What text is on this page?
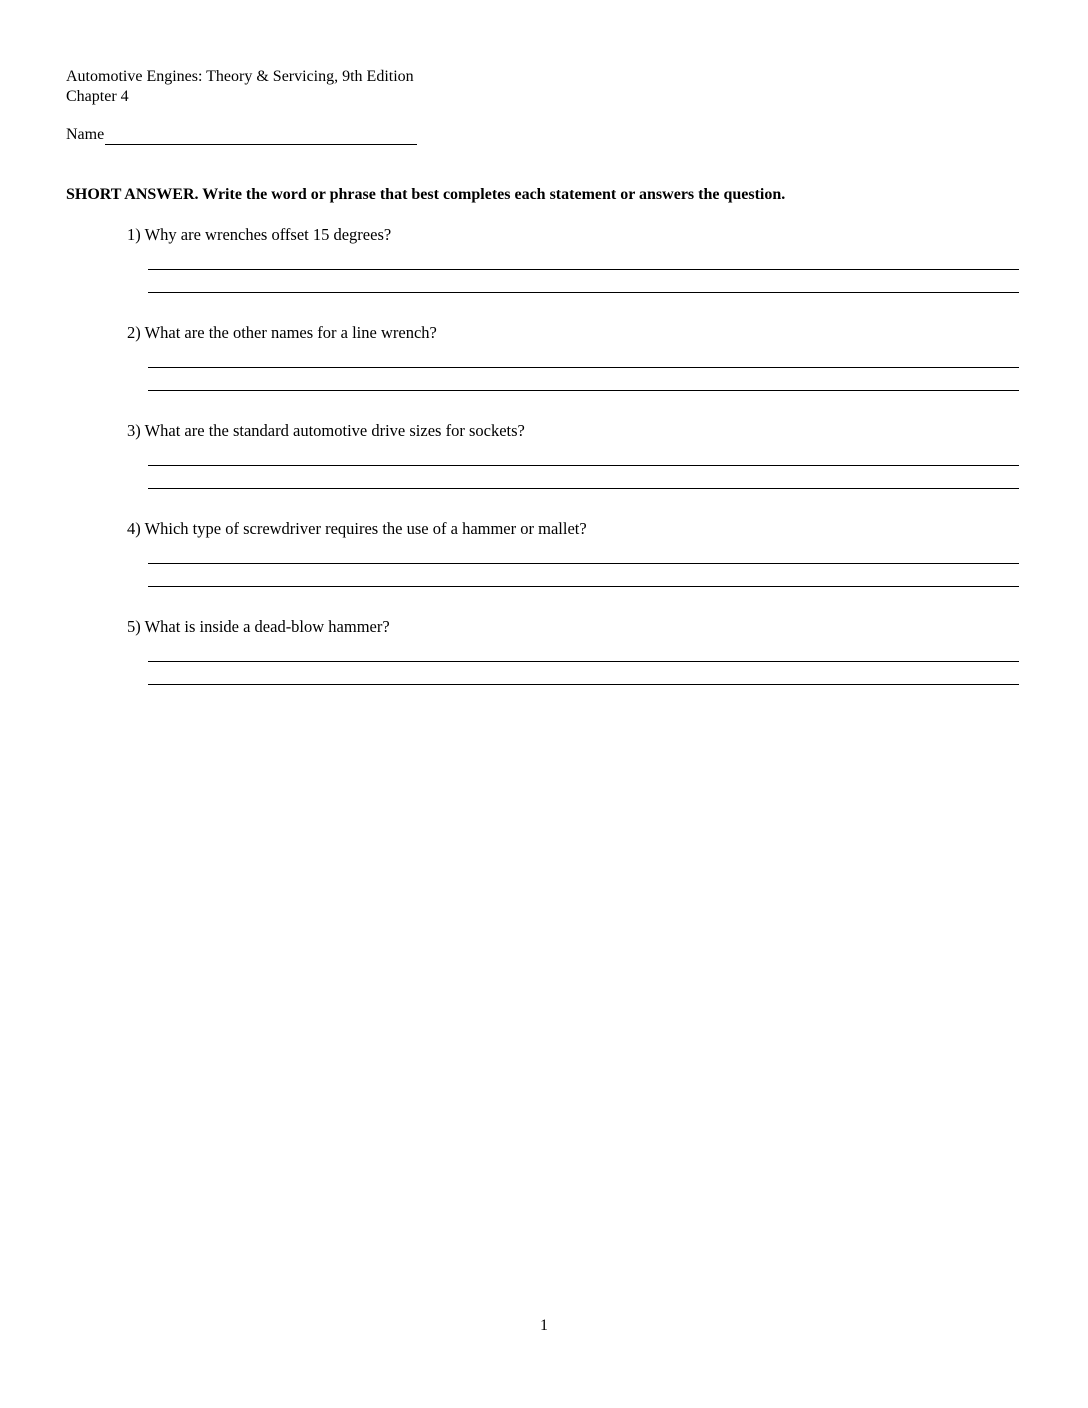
Automotive Engines: Theory & Servicing, 9th Edition
Chapter 4
Name
SHORT ANSWER. Write the word or phrase that best completes each statement or answers the question.
1) Why are wrenches offset 15 degrees?
2) What are the other names for a line wrench?
3) What are the standard automotive drive sizes for sockets?
4) Which type of screwdriver requires the use of a hammer or mallet?
5) What is inside a dead-blow hammer?
1
